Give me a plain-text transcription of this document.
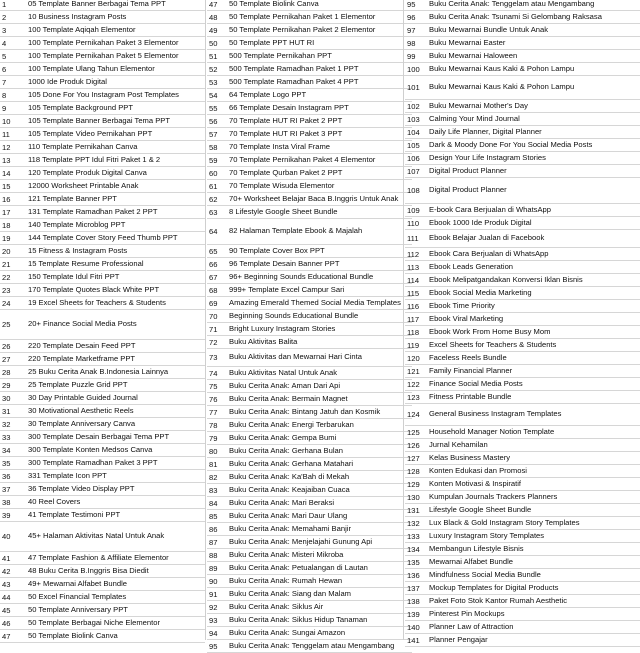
1	05 Template Banner Berbagai Tema PPT
2	10 Business Instagram Posts
3	100 Template Aqiqah Elementor
4	100 Template Pernikahan Paket 3 Elementor
5	100 Template Pernikahan Paket 5 Elementor
6	100 Template Ulang Tahun Elementor
7	1000 Ide Produk Digital
8	105 Done For You Instagram Post Templates
9	105 Template Background PPT
10	105 Template Banner Berbagai Tema PPT
11	105 Template Video Pernikahan PPT
12	110 Template Pernikahan Canva
13	118 Template PPT Idul Fitri Paket 1 & 2
14	120 Template Produk Digital Canva
15	12000 Worksheet Printable Anak
16	121 Template Banner PPT
17	131 Template Ramadhan Paket 2 PPT
18	140 Template Microblog PPT
19	144 Template Cover Story Feed Thumb PPT
20	15 Fitness & Instagram Posts
21	15 Template Resume Professional
22	150 Template Idul Fitri PPT
23	170 Template Quotes Black White PPT
24	19 Excel Sheets for Teachers & Students
25	20+ Finance Social Media Posts
26	220 Template Desain Feed PPT
27	220 Template Marketframe PPT
28	25 Buku Cerita Anak B.Indonesia Lainnya
29	25 Template Puzzle Grid PPT
30	30 Day Printable Guided Journal
31	30 Motivational Aesthetic Reels
32	30 Template Anniversary Canva
33	300 Template Desain Berbagai Tema PPT
34	300 Template Konten Medsos Canva
35	300 Template Ramadhan Paket 3 PPT
36	331 Template Icon PPT
37	36 Template Video Display PPT
38	40 Reel Covers
39	41 Template Testimoni PPT
40	45+ Halaman Aktivitas Natal Untuk Anak
41	47 Template Fashion & Affiliate Elementor
42	48 Buku Cerita B.Inggris Bisa Diedit
43	49+ Mewarnai Alfabet Bundle
44	50 Excel Financial Templates
45	50 Template Anniversary PPT
46	50 Template Berbagai Niche Elementor
47	50 Template Biolink Canva
47	50 Template Biolink Canva
48	50 Template Pernikahan Paket 1 Elementor
49	50 Template Pernikahan Paket 2 Elementor
50	50 Template PPT HUT RI
51	500 Template Pernikahan PPT
52	500 Template Ramadhan Paket 1 PPT
53	500 Template Ramadhan Paket 4 PPT
54	64 Template Logo PPT
55	66 Template Desain Instagram PPT
56	70 Template HUT RI Paket 2 PPT
57	70 Template HUT RI Paket 3 PPT
58	70 Template Insta Viral Frame
59	70 Template Pernikahan Paket 4 Elementor
60	70 Template Qurban Paket 2 PPT
61	70 Template Wisuda Elementor
62	70+ Worksheet Belajar Baca B.Inggris Untuk Anak
63	8 Lifestyle Google Sheet Bundle
64	82 Halaman Template Ebook & Majalah
65	90 Template Cover Box PPT
66	96 Template Desain Banner PPT
67	96+ Beginning Sounds Educational Bundle
68	999+ Template Excel Campur Sari
69	Amazing Emerald Themed Social Media Templates
70	Beginning Sounds Educational Bundle
71	Bright Luxury Instagram Stories
72	Buku Aktivitas Balita
73	Buku Aktivitas dan Mewarnai Hari Cinta
74	Buku Aktivitas Natal Untuk Anak
75	Buku Cerita Anak: Aman Dari Api
76	Buku Cerita Anak: Bermain Magnet
77	Buku Cerita Anak: Bintang Jatuh dan Kosmik
78	Buku Cerita Anak: Energi Terbarukan
79	Buku Cerita Anak: Gempa Bumi
80	Buku Cerita Anak: Gerhana Bulan
81	Buku Cerita Anak: Gerhana Matahari
82	Buku Cerita Anak: Ka'Bah di Mekah
83	Buku Cerita Anak: Keajaiban Cuaca
84	Buku Cerita Anak: Mari Beraksi
85	Buku Cerita Anak: Mari Daur Ulang
86	Buku Cerita Anak: Memahami Banjir
87	Buku Cerita Anak: Menjelajahi Gunung Api
88	Buku Cerita Anak: Misteri Mikroba
89	Buku Cerita Anak: Petualangan di Lautan
90	Buku Cerita Anak: Rumah Hewan
91	Buku Cerita Anak: Siang dan Malam
92	Buku Cerita Anak: Siklus Air
93	Buku Cerita Anak: Siklus Hidup Tanaman
94	Buku Cerita Anak: Sungai Amazon
95	Buku Cerita Anak: Tenggelam atau Mengambang
95	Buku Cerita Anak: Tenggelam atau Mengambang
96	Buku Cerita Anak: Tsunami Si Gelombang Raksasa
97	Buku Mewarnai Bundle Untuk Anak
98	Buku Mewarnai Easter
99	Buku Mewarnai Haloween
100	Buku Mewarnai Kaus Kaki & Pohon Lampu
101	Buku Mewarnai Kaus Kaki & Pohon Lampu
102	Buku Mewarnai Mother's Day
103	Calming Your Mind Journal
104	Daily Life Planner, Digital Planner
105	Dark & Moody Done For You Social Media Posts
106	Design Your Life Instagram Stories
107	Digital Product Planner
108	Digital Product Planner
109	E-book Cara Berjualan di WhatsApp
110	Ebook 1000 Ide Produk Digital
111	Ebook Belajar Jualan di Facebook
112	Ebook Cara Berjualan di WhatsApp
113	Ebook Leads Generation
114	Ebook Melipatgandakan Konversi Iklan Bisnis
115	Ebook Social Media Marketing
116	Ebook Time Priority
117	Ebook Viral Marketing
118	Ebook Work From Home Busy Mom
119	Excel Sheets for Teachers & Students
120	Faceless Reels Bundle
121	Family Financial Planner
122	Finance Social Media Posts
123	Fitness Printable Bundle
124	General Business Instagram Templates
125	Household Manager Notion Template
126	Jurnal Kehamilan
127	Kelas Business Mastery
128	Konten Edukasi dan Promosi
129	Konten Motivasi & Inspiratif
130	Kumpulan Journals Trackers Planners
131	Lifestyle Google Sheet Bundle
132	Lux Black & Gold Instagram Story Templates
133	Luxury Instagram Story Templates
134	Membangun Lifestyle Bisnis
135	Mewarnai Alfabet Bundle
136	Mindfulness Social Media Bundle
137	Mockup Templates for Digital Products
138	Paket Foto Stok Kantor Rumah Aesthetic
139	Pinterest Pin Mockups
140	Planner Law of Attraction
141	Planner Pengajar
